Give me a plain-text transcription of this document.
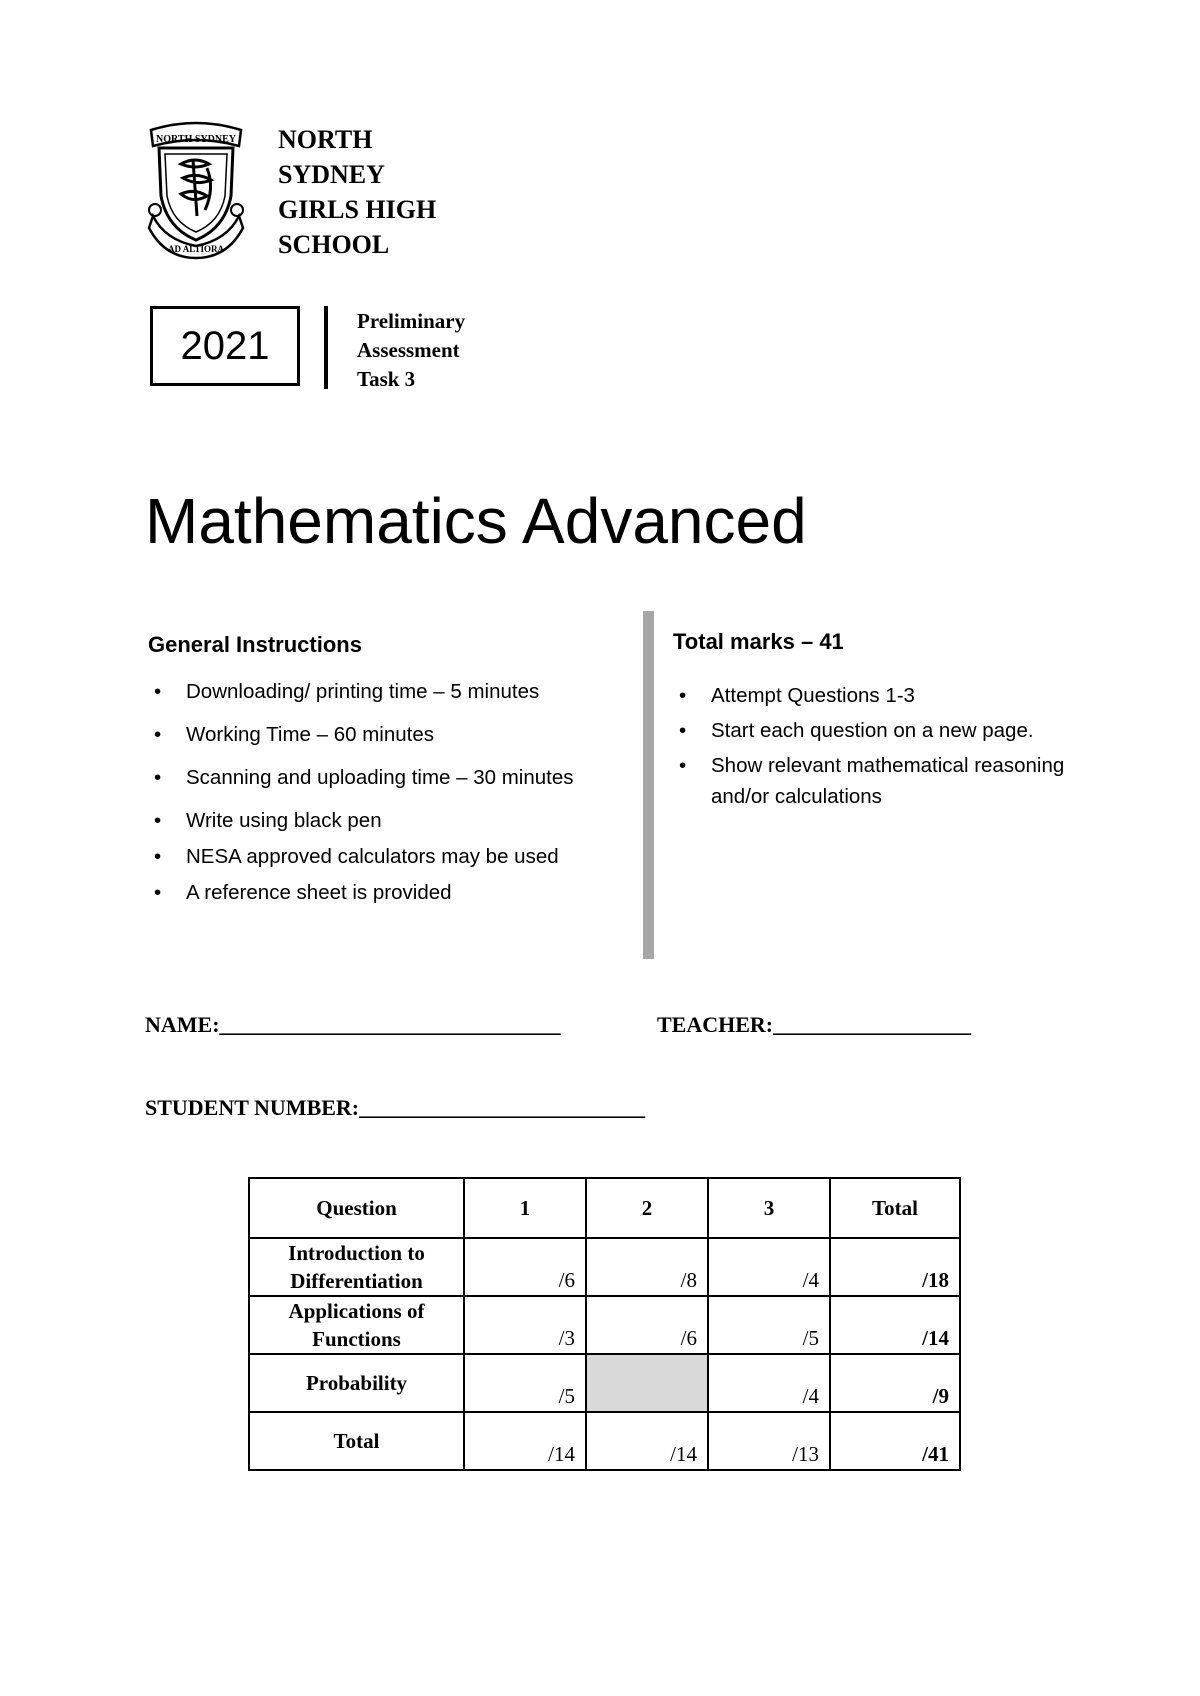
NORTH SYDNEY
AD ALTIORA
NORTH
SYDNEY
GIRLS HIGH
SCHOOL
2021
Preliminary
Assessment
Task 3
Mathematics Advanced
General Instructions
• Downloading/ printing time – 5 minutes
• Working Time – 60 minutes
• Scanning and uploading time – 30 minutes
• Write using black pen
• NESA approved calculators may be used
• A reference sheet is provided
Total marks – 41
• Attempt Questions 1-3
• Start each question on a new page.
• Show relevant mathematical reasoning and/or calculations
NAME:_______________________________	TEACHER:__________________
STUDENT NUMBER:__________________________
Question	1	2	3	Total
Introduction to Differentiation	/6	/8	/4	/18
Applications of Functions	/3	/6	/5	/14
Probability	/5		/4	/9
Total	/14	/14	/13	/41
